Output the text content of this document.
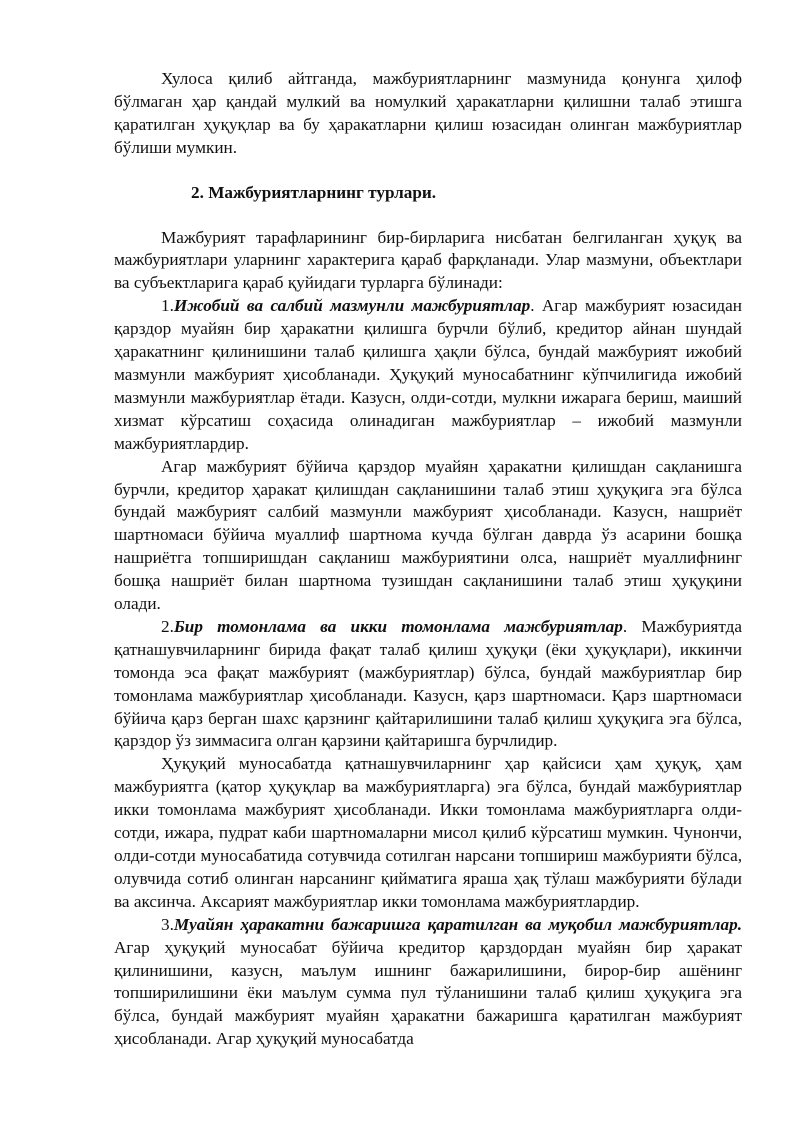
Хулоса қилиб айтганда, мажбуриятларнинг мазмунида қонунга ҳилоф бўлмаган ҳар қандай мулкий ва номулкий ҳаракатларни қилишни талаб этишга қаратилган ҳуқуқлар ва бу ҳаракатларни қилиш юзасидан олинган мажбуриятлар бўлиши мумкин.

2. Мажбуриятларнинг турлари.

Мажбурият тарафларининг бир-бирларига нисбатан белгиланган ҳуқуқ ва мажбуриятлари уларнинг характерига қараб фарқланади. Улар мазмуни, объектлари ва субъектларига қараб қуйидаги турларга бўлинади:

1.Ижобий ва салбий мазмунли мажбуриятлар. Агар мажбурият юзасидан қарздор муайян бир ҳаракатни қилишга бурчли бўлиб, кредитор айнан шундай ҳаракатнинг қилинишини талаб қилишга ҳақли бўлса, бундай мажбурият ижобий мазмунли мажбурият ҳисобланади. Ҳуқуқий муносабатнинг кўпчилигида ижобий мазмунли мажбуриятлар ётади. Казусн, олди-сотди, мулкни ижарага бериш, маиший хизмат кўрсатиш соҳасида олинадиган мажбуриятлар – ижобий мазмунли мажбуриятлардир.

Агар мажбурият бўйича қарздор муайян ҳаракатни қилишдан сақланишга бурчли, кредитор ҳаракат қилишдан сақланишини талаб этиш ҳуқуқига эга бўлса бундай мажбурият салбий мазмунли мажбурият ҳисобланади. Казусн, нашриёт шартномаси бўйича муаллиф шартнома кучда бўлган даврда ўз асарини бошқа нашриётга топширишдан сақланиш мажбуриятини олса, нашриёт муаллифнинг бошқа нашриёт билан шартнома тузишдан сақланишини талаб этиш ҳуқуқини олади.

2.Бир томонлама ва икки томонлама мажбуриятлар. Мажбуриятда қатнашувчиларнинг бирида фақат талаб қилиш ҳуқуқи (ёки ҳуқуқлари), иккинчи томонда эса фақат мажбурият (мажбуриятлар) бўлса, бундай мажбуриятлар бир томонлама мажбуриятлар ҳисобланади. Казусн, қарз шартномаси. Қарз шартномаси бўйича қарз берган шахс қарзнинг қайтарилишини талаб қилиш ҳуқуқига эга бўлса, қарздор ўз зиммасига олган қарзини қайтаришга бурчлидир.

Ҳуқуқий муносабатда қатнашувчиларнинг ҳар қайсиси ҳам ҳуқуқ, ҳам мажбуриятга (қатор ҳуқуқлар ва мажбуриятларга) эга бўлса, бундай мажбуриятлар икки томонлама мажбурият ҳисобланади. Икки томонлама мажбуриятларга олди-сотди, ижара, пудрат каби шартномаларни мисол қилиб кўрсатиш мумкин. Чунончи, олди-сотди муносабатида сотувчида сотилган нарсани топшириш мажбурияти бўлса, олувчида сотиб олинган нарсанинг қийматига яраша ҳақ тўлаш мажбурияти бўлади ва аксинча. Аксарият мажбуриятлар икки томонлама мажбуриятлардир.

3.Муайян ҳаракатни бажаришга қаратилган ва муқобил мажбуриятлар. Агар ҳуқуқий муносабат бўйича кредитор қарздордан муайян бир ҳаракат қилинишини, казусн, маълум ишнинг бажарилишини, бирор-бир ашёнинг топширилишини ёки маълум сумма пул тўланишини талаб қилиш ҳуқуқига эга бўлса, бундай мажбурият муайян ҳаракатни бажаришга қаратилган мажбурият ҳисобланади. Агар ҳуқуқий муносабатда
